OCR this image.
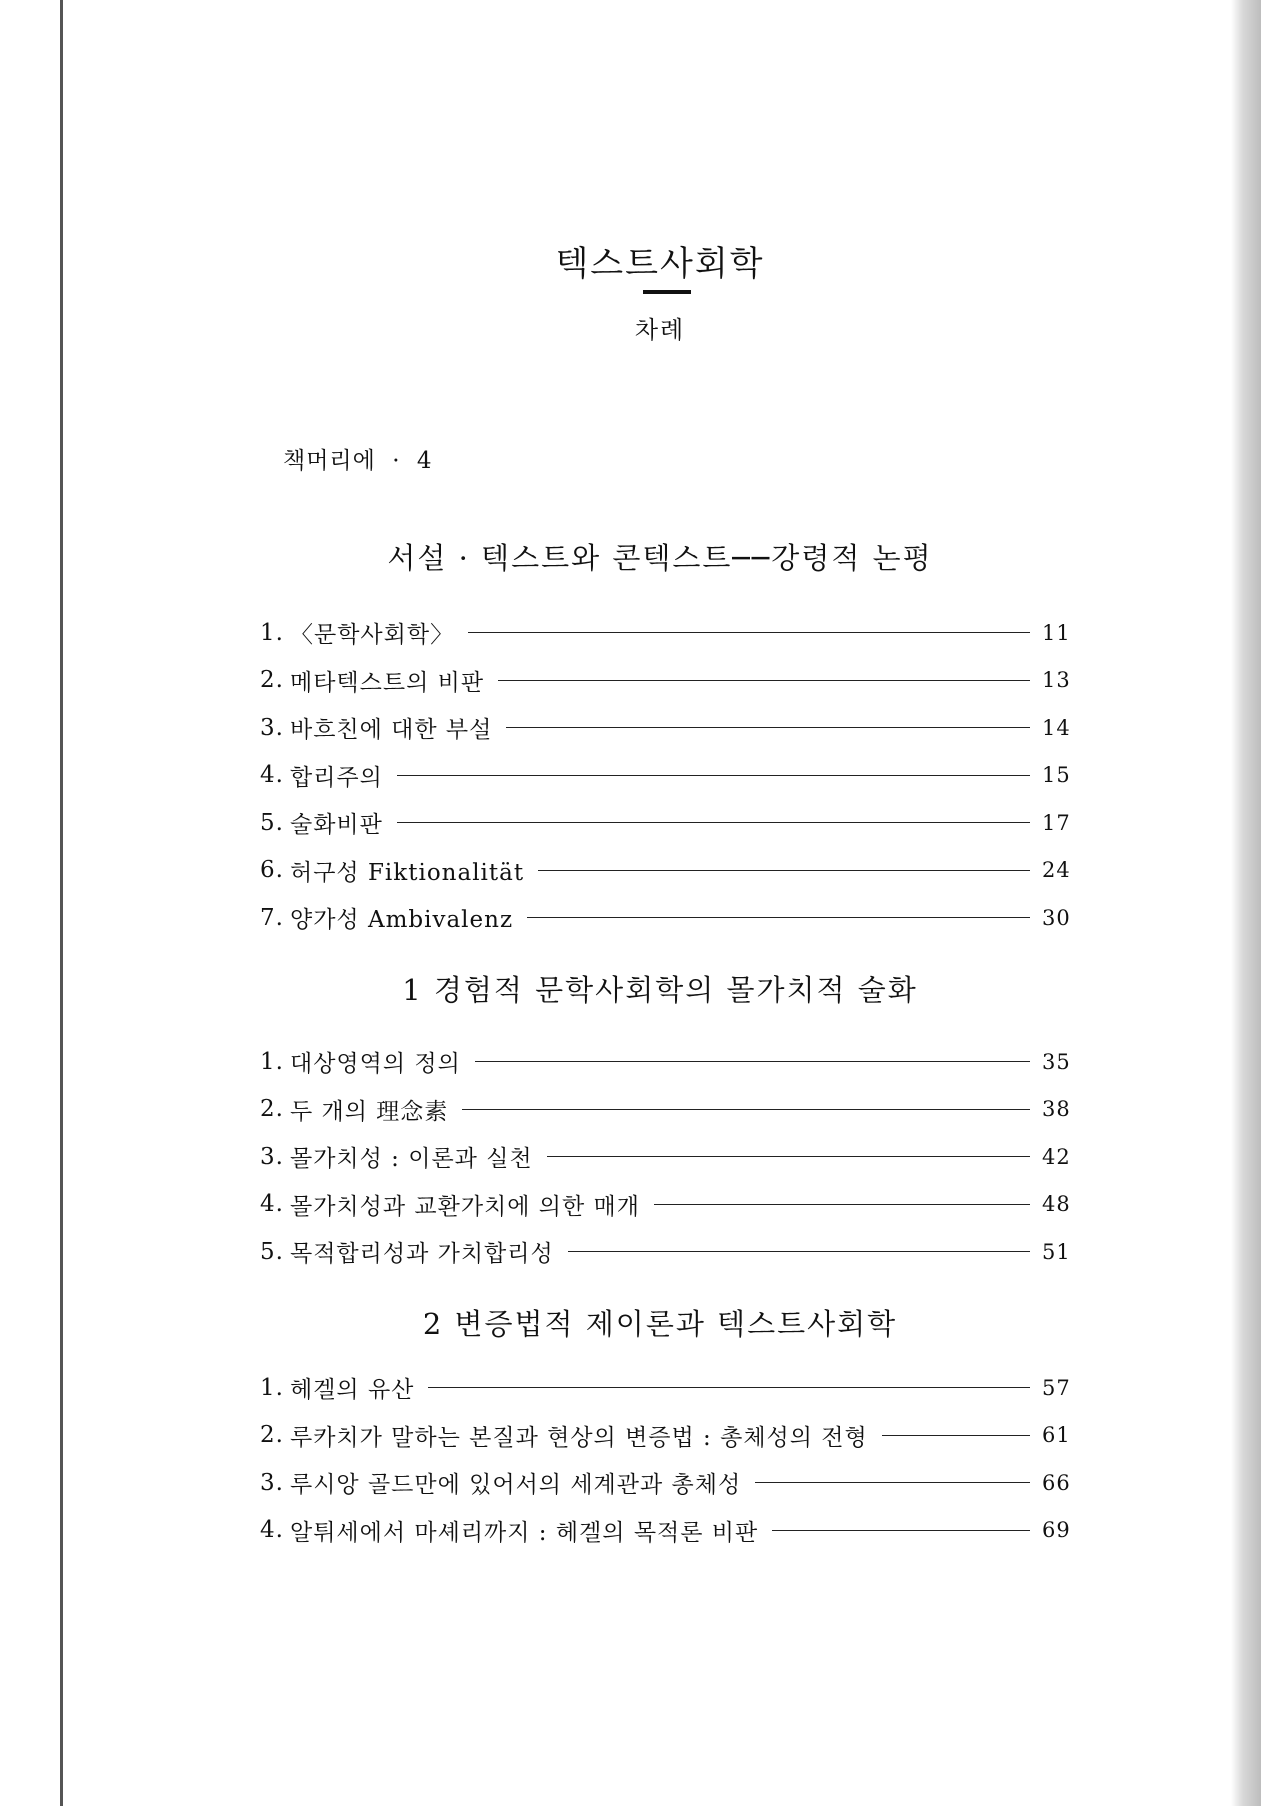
텍스트사회학
차례
책머리에 · 4
서설 · 텍스트와 콘텍스트──강령적 논평
1. 〈문학사회학〉	11
2. 메타텍스트의 비판	13
3. 바흐친에 대한 부설	14
4. 합리주의	15
5. 술화비판	17
6. 허구성 Fiktionalität	24
7. 양가성 Ambivalenz	30
1 경험적 문학사회학의 몰가치적 술화
1. 대상영역의 정의	35
2. 두 개의 理念素	38
3. 몰가치성 : 이론과 실천	42
4. 몰가치성과 교환가치에 의한 매개	48
5. 목적합리성과 가치합리성	51
2 변증법적 제이론과 텍스트사회학
1. 헤겔의 유산	57
2. 루카치가 말하는 본질과 현상의 변증법 : 총체성의 전형	61
3. 루시앙 골드만에 있어서의 세계관과 총체성	66
4. 알튀세에서 마셰리까지 : 헤겔의 목적론 비판	69
